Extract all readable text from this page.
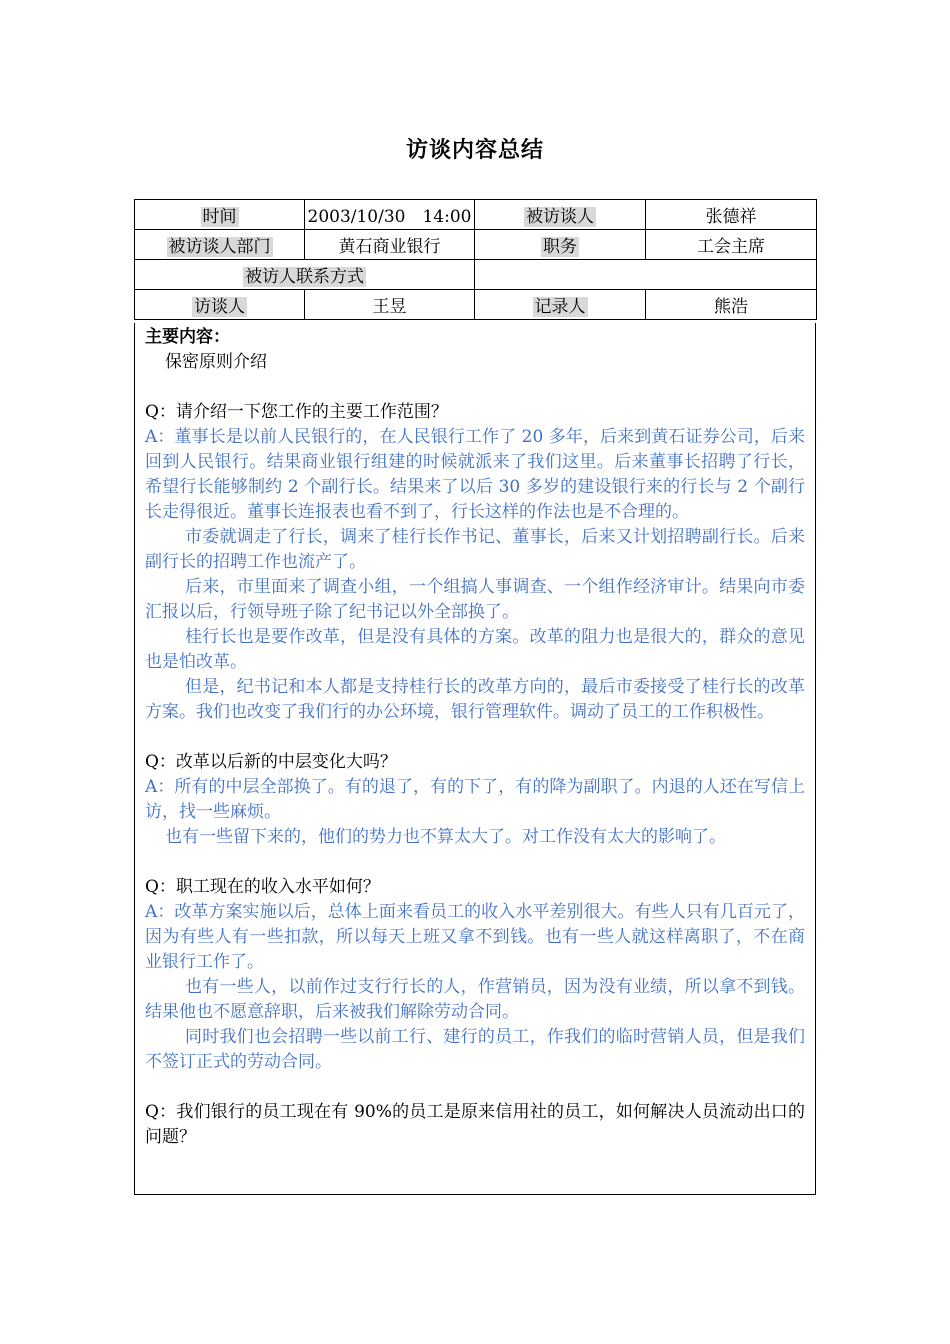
访谈内容总结
时间	2003/10/30　14:00	被访谈人	张德祥
被访谈人部门	黄石商业银行	职务	工会主席
被访人联系方式			
访谈人	王昱	记录人	熊浩

主要内容：

保密原则介绍

Q：请介绍一下您工作的主要工作范围？

A：董事长是以前人民银行的，在人民银行工作了 20 多年，后来到黄石证券公司，后来回到人民银行。结果商业银行组建的时候就派来了我们这里。后来董事长招聘了行长，希望行长能够制约 2 个副行长。结果来了以后 30 多岁的建设银行来的行长与 2 个副行长走得很近。董事长连报表也看不到了，行长这样的作法也是不合理的。

市委就调走了行长，调来了桂行长作书记、董事长，后来又计划招聘副行长。后来副行长的招聘工作也流产了。

后来，市里面来了调查小组，一个组搞人事调查、一个组作经济审计。结果向市委汇报以后，行领导班子除了纪书记以外全部换了。

桂行长也是要作改革，但是没有具体的方案。改革的阻力也是很大的，群众的意见也是怕改革。

但是，纪书记和本人都是支持桂行长的改革方向的，最后市委接受了桂行长的改革方案。我们也改变了我们行的办公环境，银行管理软件。调动了员工的工作积极性。

Q：改革以后新的中层变化大吗？

A：所有的中层全部换了。有的退了，有的下了，有的降为副职了。内退的人还在写信上访，找一些麻烦。

也有一些留下来的，他们的势力也不算太大了。对工作没有太大的影响了。

Q：职工现在的收入水平如何？

A：改革方案实施以后，总体上面来看员工的收入水平差别很大。有些人只有几百元了，因为有些人有一些扣款，所以每天上班又拿不到钱。也有一些人就这样离职了，不在商业银行工作了。

也有一些人，以前作过支行行长的人，作营销员，因为没有业绩，所以拿不到钱。结果他也不愿意辞职，后来被我们解除劳动合同。

同时我们也会招聘一些以前工行、建行的员工，作我们的临时营销人员，但是我们不签订正式的劳动合同。

Q：我们银行的员工现在有 90%的员工是原来信用社的员工，如何解决人员流动出口的问题？
